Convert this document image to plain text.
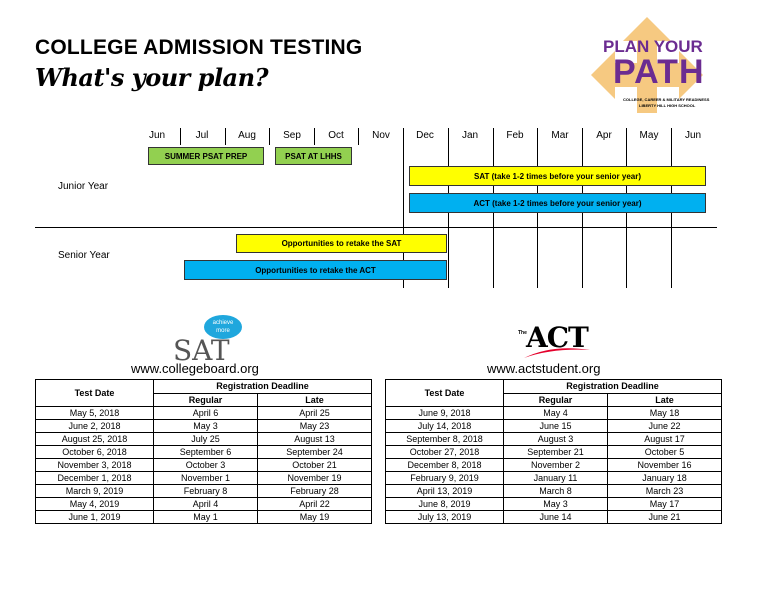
COLLEGE ADMISSION TESTING
What's your plan?
PLAN YOUR
PATH
COLLEGE, CAREER & MILITARY READINESS
LIBERTY HILL HIGH SCHOOL
Jun	Jul	Aug	Sep	Oct	Nov	Dec	Jan	Feb	Mar	Apr	May	Jun
Junior Year
Senior Year
SUMMER PSAT PREP	PSAT AT LHHS
SAT (take 1-2 times before your senior year)
ACT (take 1-2 times before your senior year)
Opportunities to retake the SAT
Opportunities to retake the ACT
achieve
more
SAT
www.collegeboard.org
The ACT
www.actstudent.org
Test Date	Registration Deadline	
	Regular	Late
May 5, 2018	April 6	April 25
June 2, 2018	May 3	May 23
August 25, 2018	July 25	August 13
October 6, 2018	September 6	September 24
November 3, 2018	October 3	October 21
December 1, 2018	November 1	November 19
March 9, 2019	February 8	February 28
May 4, 2019	April 4	April 22
June 1, 2019	May 1	May 19
Test Date	Registration Deadline	
	Regular	Late
June 9, 2018	May 4	May 18
July 14, 2018	June 15	June 22
September 8, 2018	August 3	August 17
October 27, 2018	September 21	October 5
December 8, 2018	November 2	November 16
February 9, 2019	January 11	January 18
April 13, 2019	March 8	March 23
June 8, 2019	May 3	May 17
July 13, 2019	June 14	June 21
